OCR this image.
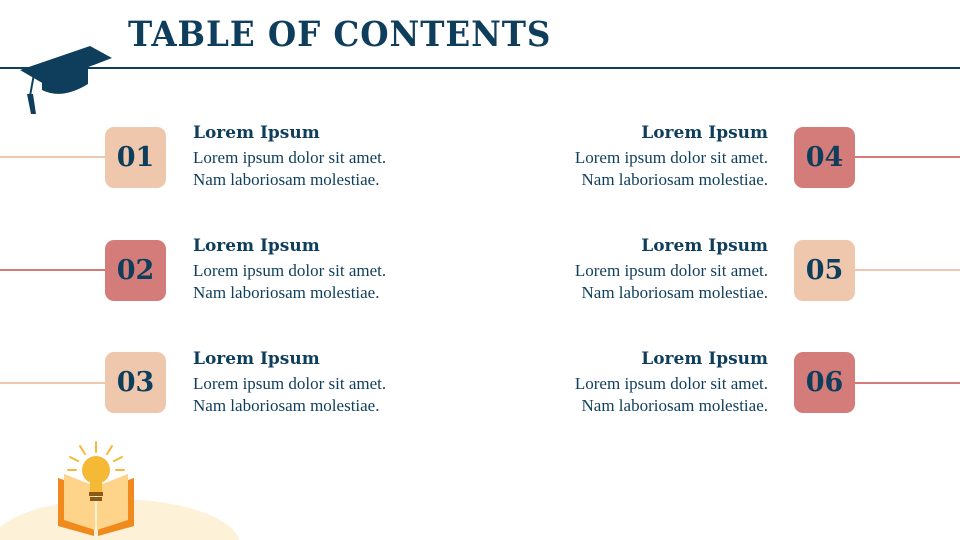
TABLE OF CONTENTS
01
Lorem Ipsum
Lorem ipsum dolor sit amet.
Nam laboriosam molestiae.
02
Lorem Ipsum
Lorem ipsum dolor sit amet.
Nam laboriosam molestiae.
03
Lorem Ipsum
Lorem ipsum dolor sit amet.
Nam laboriosam molestiae.
04
Lorem Ipsum
Lorem ipsum dolor sit amet.
Nam laboriosam molestiae.
05
Lorem Ipsum
Lorem ipsum dolor sit amet.
Nam laboriosam molestiae.
06
Lorem Ipsum
Lorem ipsum dolor sit amet.
Nam laboriosam molestiae.
